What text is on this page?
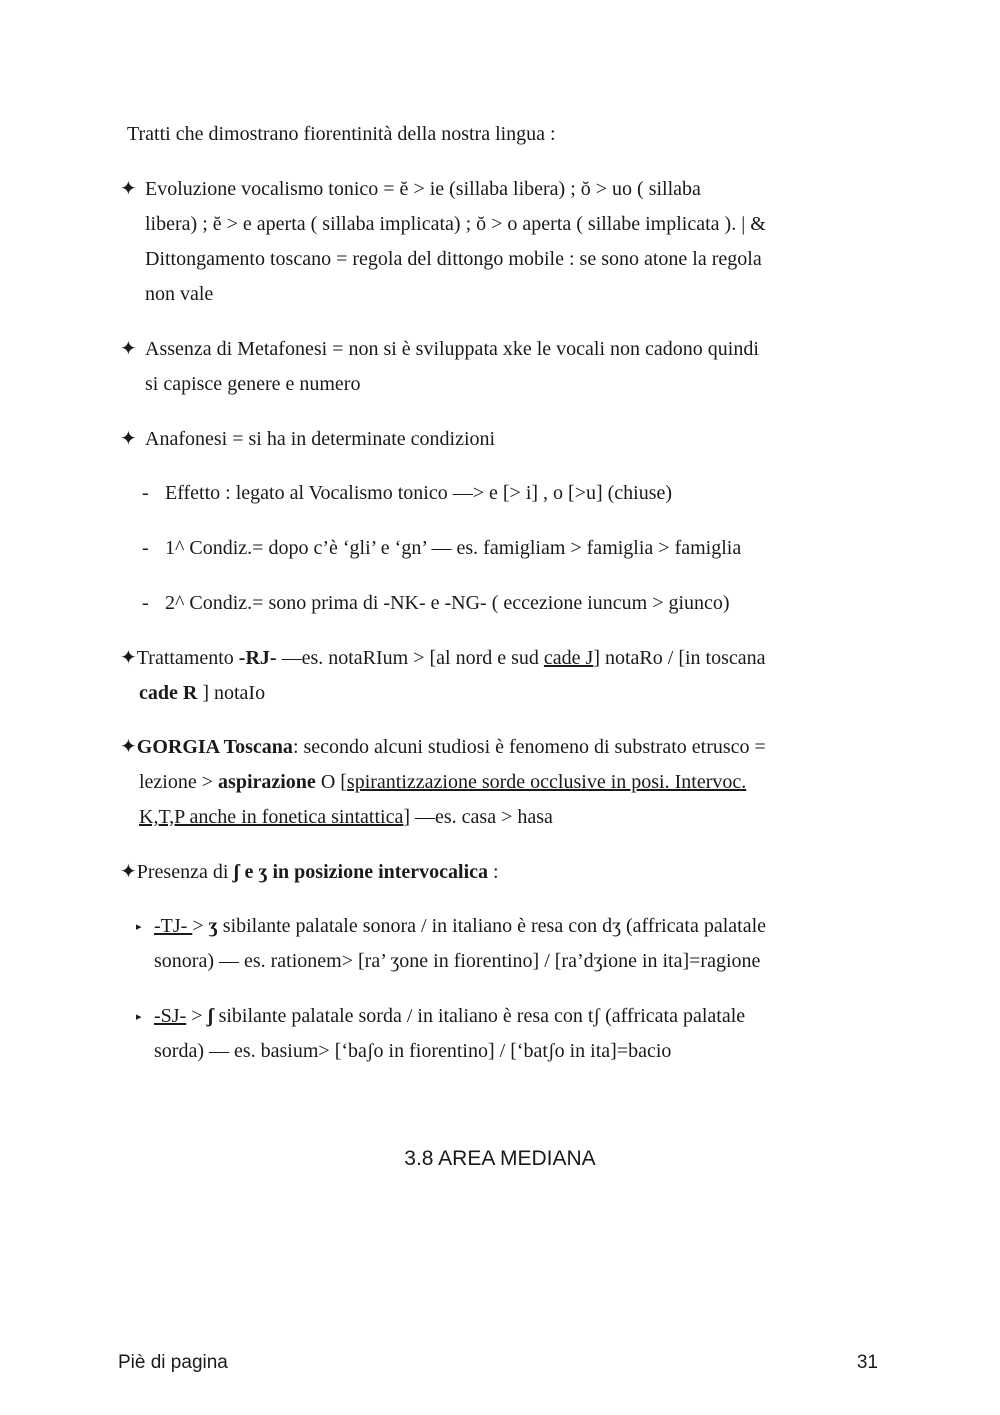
Tratti che dimostrano fiorentinità della nostra lingua :
✦ Evoluzione vocalismo tonico = ĕ > ie (sillaba libera) ; ŏ > uo ( sillaba
libera) ; ĕ > e aperta ( sillaba implicata) ; ŏ > o aperta ( sillabe implicata ). | &
Dittongamento toscano = regola del dittongo mobile : se sono atone la regola
non vale
✦ Assenza di Metafonesi = non si è sviluppata xke le vocali non cadono quindi
si capisce genere e numero
✦ Anafonesi = si ha in determinate condizioni
- Effetto : legato al Vocalismo tonico —> e [> i] , o [>u] (chiuse)
- 1^ Condiz.= dopo c’è ‘gli’ e ‘gn’ — es. famigliam > famiglia > famiglia
- 2^ Condiz.= sono prima di -NK- e -NG- ( eccezione iuncum > giunco)
✦Trattamento -RJ- —es. notaRIum > [al nord e sud cade J] notaRo / [in toscana
cade R ] notaIo
✦GORGIA Toscana: secondo alcuni studiosi è fenomeno di substrato etrusco =
lezione > aspirazione O [spirantizzazione sorde occlusive in posi. Intervoc.
K,T,P anche in fonetica sintattica] —es. casa > hasa
✦Presenza di ʃ e ʒ in posizione intervocalica :
▸ -TJ- > ʒ sibilante palatale sonora / in italiano è resa con dʒ (affricata palatale
sonora) — es. rationem> [ra’ ʒone in fiorentino] / [ra’dʒione in ita]=ragione
▸ -SJ- > ʃ sibilante palatale sorda / in italiano è resa con tʃ (affricata palatale
sorda) — es. basium> [‘baʃo in fiorentino] / [‘batʃo in ita]=bacio
3.8 AREA MEDIANA
Piè di pagina	31
